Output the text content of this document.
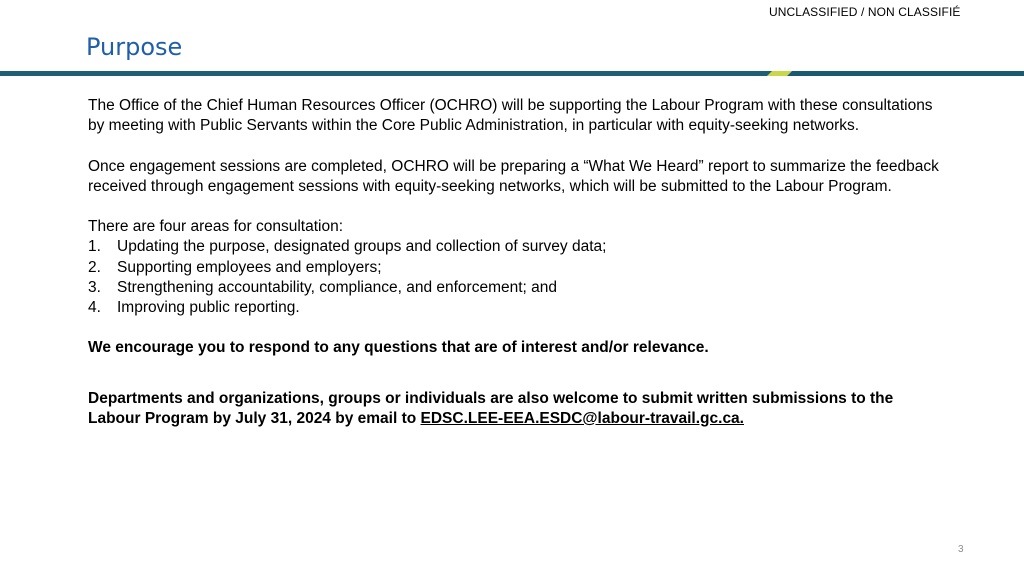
UNCLASSIFIED / NON CLASSIFIÉ
Purpose

The Office of the Chief Human Resources Officer (OCHRO) will be supporting the Labour Program with these consultations by meeting with Public Servants within the Core Public Administration, in particular with equity-seeking networks.

Once engagement sessions are completed, OCHRO will be preparing a “What We Heard” report to summarize the feedback received through engagement sessions with equity-seeking networks, which will be submitted to the Labour Program.

There are four areas for consultation:

1.	Updating the purpose, designated groups and collection of survey data;
2.	Supporting employees and employers;
3.	Strengthening accountability, compliance, and enforcement; and
4.	Improving public reporting.

We encourage you to respond to any questions that are of interest and/or relevance.

Departments and organizations, groups or individuals are also welcome to submit written submissions to the Labour Program by July 31, 2024 by email to EDSC.LEE-EEA.ESDC@labour-travail.gc.ca.

3
